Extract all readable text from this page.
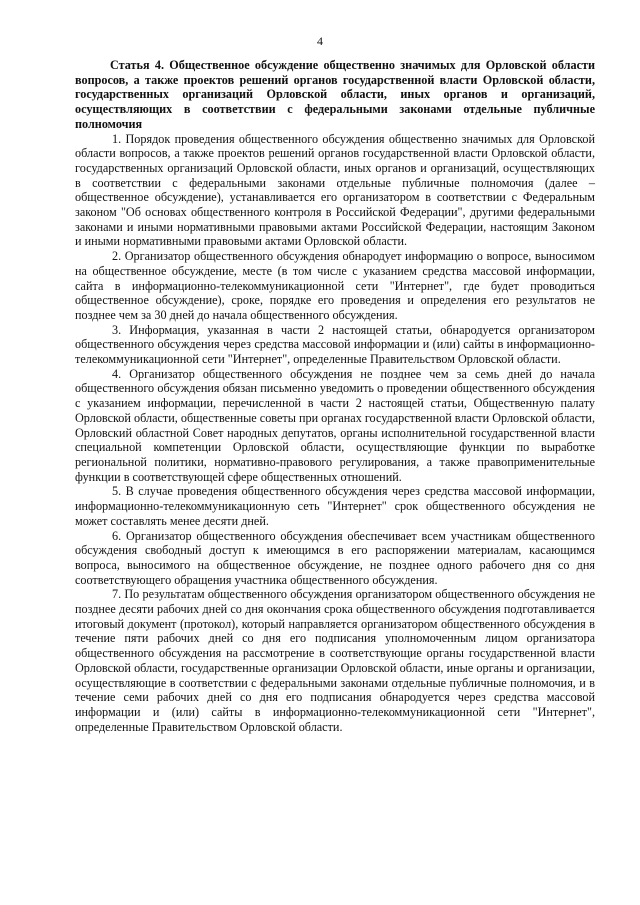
4

Статья 4. Общественное обсуждение общественно значимых для Орловской области вопросов, а также проектов решений органов государственной власти Орловской области, государственных организаций Орловской области, иных органов и организаций, осуществляющих в соответствии с федеральными законами отдельные публичные полномочия

1. Порядок проведения общественного обсуждения общественно значимых для Орловской области вопросов, а также проектов решений органов государственной власти Орловской области, государственных организаций Орловской области, иных органов и организаций, осуществляющих в соответствии с федеральными законами отдельные публичные полномочия (далее – общественное обсуждение), устанавливается его организатором в соответствии с Федеральным законом "Об основах общественного контроля в Российской Федерации", другими федеральными законами и иными нормативными правовыми актами Российской Федерации, настоящим Законом и иными нормативными правовыми актами Орловской области.

2. Организатор общественного обсуждения обнародует информацию о вопросе, выносимом на общественное обсуждение, месте (в том числе с указанием средства массовой информации, сайта в информационно-телекоммуникационной сети "Интернет", где будет проводиться общественное обсуждение), сроке, порядке его проведения и определения его результатов не позднее чем за 30 дней до начала общественного обсуждения.

3. Информация, указанная в части 2 настоящей статьи, обнародуется организатором общественного обсуждения через средства массовой информации и (или) сайты в информационно-телекоммуникационной сети "Интернет", определенные Правительством Орловской области.

4. Организатор общественного обсуждения не позднее чем за семь дней до начала общественного обсуждения обязан письменно уведомить о проведении общественного обсуждения с указанием информации, перечисленной в части 2 настоящей статьи, Общественную палату Орловской области, общественные советы при органах государственной власти Орловской области, Орловский областной Совет народных депутатов, органы исполнительной государственной власти специальной компетенции Орловской области, осуществляющие функции по выработке региональной политики, нормативно-правового регулирования, а также правоприменительные функции в соответствующей сфере общественных отношений.

5. В случае проведения общественного обсуждения через средства массовой информации, информационно-телекоммуникационную сеть "Интернет" срок общественного обсуждения не может составлять менее десяти дней.

6. Организатор общественного обсуждения обеспечивает всем участникам общественного обсуждения свободный доступ к имеющимся в его распоряжении материалам, касающимся вопроса, выносимого на общественное обсуждение, не позднее одного рабочего дня со дня соответствующего обращения участника общественного обсуждения.

7. По результатам общественного обсуждения организатором общественного обсуждения не позднее десяти рабочих дней со дня окончания срока общественного обсуждения подготавливается итоговый документ (протокол), который направляется организатором общественного обсуждения в течение пяти рабочих дней со дня его подписания уполномоченным лицом организатора общественного обсуждения на рассмотрение в соответствующие органы государственной власти Орловской области, государственные организации Орловской области, иные органы и организации, осуществляющие в соответствии с федеральными законами отдельные публичные полномочия, и в течение семи рабочих дней со дня его подписания обнародуется через средства массовой информации и (или) сайты в информационно-телекоммуникационной сети "Интернет", определенные Правительством Орловской области.
